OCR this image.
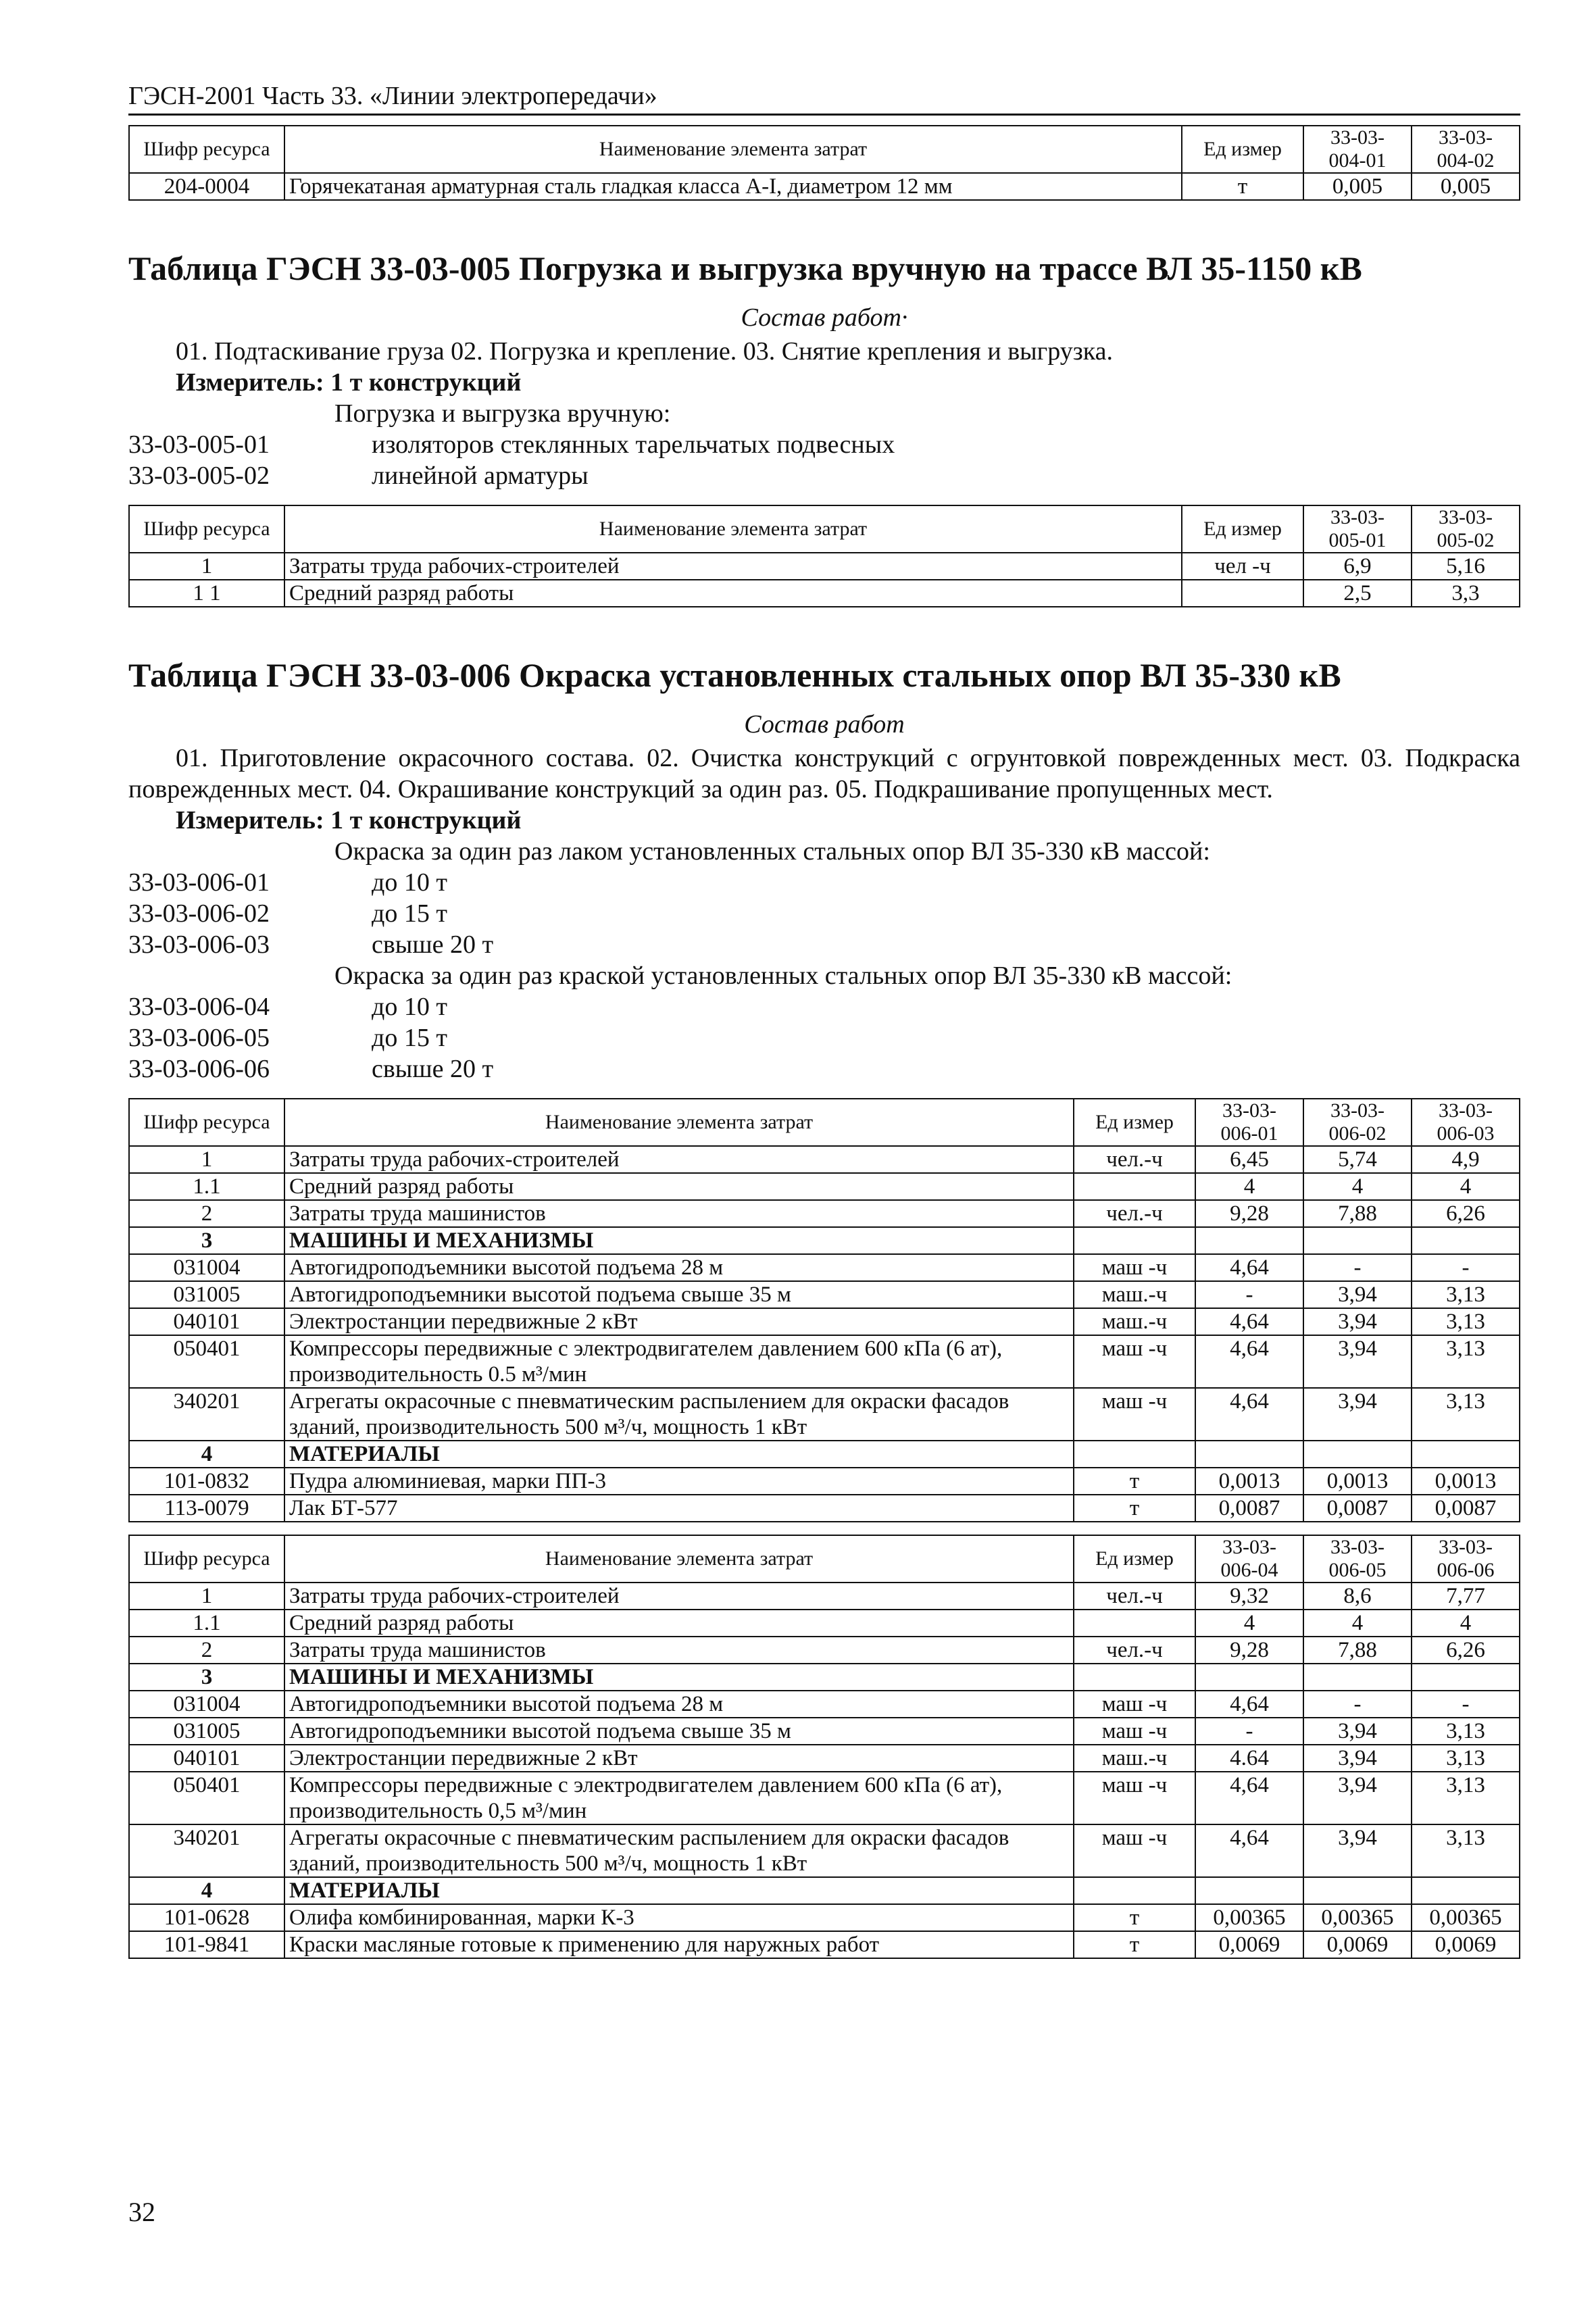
ГЭСН-2001 Часть 33. «Линии электропередачи»
Шифр ресурса	Наименование элемента затрат	Ед измер	33-03-
004-01	33-03-
004-02

204-0004	Горячекатаная арматурная сталь гладкая класса A-I, диаметром 12 мм	т	0,005	0,005
Таблица ГЭСН 33-03-005 Погрузка и выгрузка вручную на трассе ВЛ 35-1150 кВ
Состав работ·
01. Подтаскивание груза 02. Погрузка и крепление. 03. Снятие крепления и выгрузка.
Измеритель: 1 т конструкций
Погрузка и выгрузка вручную:
33-03-005-01	изоляторов стеклянных тарельчатых подвесных
33-03-005-02	линейной арматуры
Шифр ресурса	Наименование элемента затрат	Ед измер	33-03-
005-01	33-03-
005-02

1	Затраты труда рабочих-строителей	чел -ч	6,9	5,16
1 1	Средний разряд работы		2,5	3,3
Таблица ГЭСН 33-03-006 Окраска установленных стальных опор ВЛ 35-330 кВ
Состав работ
01. Приготовление окрасочного состава. 02. Очистка конструкций с огрунтовкой поврежденных мест. 03. Подкраска поврежденных мест. 04. Окрашивание конструкций за один раз. 05. Подкрашивание пропущенных мест.
Измеритель: 1 т конструкций
Окраска за один раз лаком установленных стальных опор ВЛ 35-330 кВ массой:
33-03-006-01	до 10 т
33-03-006-02	до 15 т
33-03-006-03	свыше 20 т
Окраска за один раз краской установленных стальных опор ВЛ 35-330 кВ массой:
33-03-006-04	до 10 т
33-03-006-05	до 15 т
33-03-006-06	свыше 20 т
Шифр ресурса	Наименование элемента затрат	Ед измер	33-03-
006-01	33-03-
006-02	33-03-
006-03

1	Затраты труда рабочих-строителей	чел.-ч	6,45	5,74	4,9
1.1	Средний разряд работы		4	4	4
2	Затраты труда машинистов	чел.-ч	9,28	7,88	6,26
3	МАШИНЫ И МЕХАНИЗМЫ				
031004	Автогидроподъемники высотой подъема 28 м	маш -ч	4,64	-	-
031005	Автогидроподъемники высотой подъема свыше 35 м	маш.-ч	-	3,94	3,13
040101	Электростанции передвижные 2 кВт	маш.-ч	4,64	3,94	3,13
050401	Компрессоры передвижные с электродвигателем давлением 600 кПа (6 ат), производительность 0.5 м³/мин	маш -ч	4,64	3,94	3,13
340201	Агрегаты окрасочные с пневматическим распылением для окраски фасадов зданий, производительность 500 м³/ч, мощность 1 кВт	маш -ч	4,64	3,94	3,13
4	МАТЕРИАЛЫ				
101-0832	Пудра алюминиевая, марки ПП-3	т	0,0013	0,0013	0,0013
113-0079	Лак БТ-577	т	0,0087	0,0087	0,0087
Шифр ресурса	Наименование элемента затрат	Ед измер	33-03-
006-04	33-03-
006-05	33-03-
006-06

1	Затраты труда рабочих-строителей	чел.-ч	9,32	8,6	7,77
1.1	Средний разряд работы		4	4	4
2	Затраты труда машинистов	чел.-ч	9,28	7,88	6,26
3	МАШИНЫ И МЕХАНИЗМЫ				
031004	Автогидроподъемники высотой подъема 28 м	маш -ч	4,64	-	-
031005	Автогидроподъемники высотой подъема свыше 35 м	маш -ч	-	3,94	3,13
040101	Электростанции передвижные 2 кВт	маш.-ч	4.64	3,94	3,13
050401	Компрессоры передвижные с электродвигателем давлением 600 кПа (6 ат), производительность 0,5 м³/мин	маш -ч	4,64	3,94	3,13
340201	Агрегаты окрасочные с пневматическим распылением для окраски фасадов зданий, производительность 500 м³/ч, мощность 1 кВт	маш -ч	4,64	3,94	3,13
4	МАТЕРИАЛЫ				
101-0628	Олифа комбинированная, марки К-3	т	0,00365	0,00365	0,00365
101-9841	Краски масляные готовые к применению для наружных работ	т	0,0069	0,0069	0,0069
32
